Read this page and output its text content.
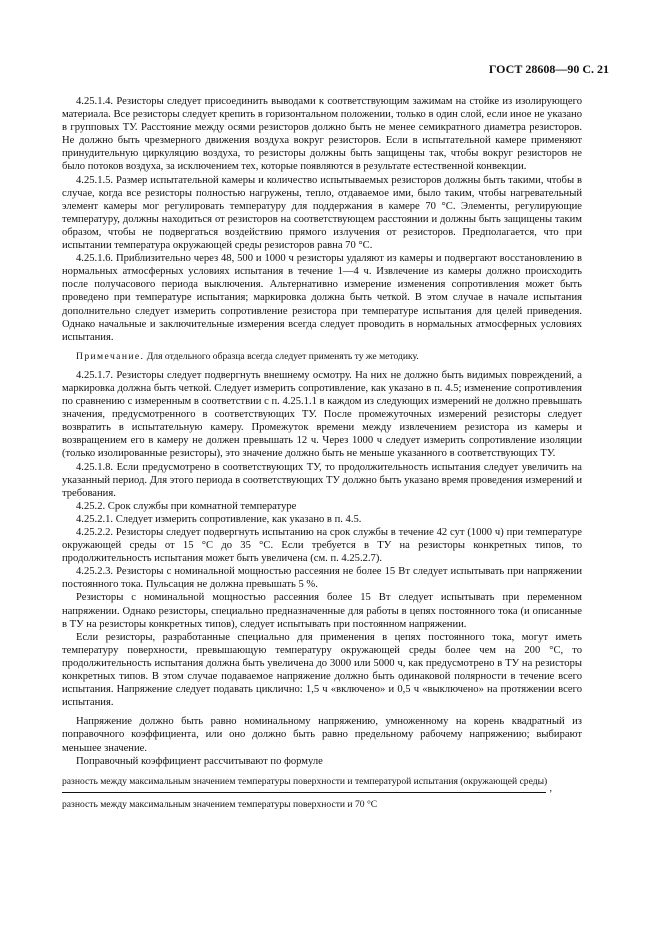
ГОСТ 28608—90 С. 21

4.25.1.4. Резисторы следует присоединить выводами к соответствующим зажимам на стойке из изолирующего материала. Все резисторы следует крепить в горизонтальном положении, только в один слой, если иное не указано в групповых ТУ. Расстояние между осями резисторов должно быть не менее семикратного диаметра резисторов. Не должно быть чрезмерного движения воздуха вокруг резисторов. Если в испытательной камере применяют принудительную циркуляцию воздуха, то резисторы должны быть защищены так, чтобы вокруг резисторов не было потоков воздуха, за исключением тех, которые появляются в результате естественной конвекции.

4.25.1.5. Размер испытательной камеры и количество испытываемых резисторов должны быть такими, чтобы в случае, когда все резисторы полностью нагружены, тепло, отдаваемое ими, было таким, чтобы нагревательный элемент камеры мог регулировать температуру для поддержания в камере 70 °С. Элементы, регулирующие температуру, должны находиться от резисторов на соответствующем расстоянии и должны быть защищены таким образом, чтобы не подвергаться воздействию прямого излучения от резисторов. Предполагается, что при испытании температура окружающей среды резисторов равна 70 °С.

4.25.1.6. Приблизительно через 48, 500 и 1000 ч резисторы удаляют из камеры и подвергают восстановлению в нормальных атмосферных условиях испытания в течение 1—4 ч. Извлечение из камеры должно происходить после получасового периода выключения. Альтернативно измерение изменения сопротивления может быть проведено при температуре испытания; маркировка должна быть четкой. В этом случае в начале испытания дополнительно следует измерить сопротивление резистора при температуре испытания для целей приведения. Однако начальные и заключительные измерения всегда следует проводить в нормальных атмосферных условиях испытания.

Примечание. Для отдельного образца всегда следует применять ту же методику.

4.25.1.7. Резисторы следует подвергнуть внешнему осмотру. На них не должно быть видимых повреждений, а маркировка должна быть четкой. Следует измерить сопротивление, как указано в п. 4.5; изменение сопротивления по сравнению с измеренным в соответствии с п. 4.25.1.1 в каждом из следующих измерений не должно превышать значения, предусмотренного в соответствующих ТУ. После промежуточных измерений резисторы следует возвратить в испытательную камеру. Промежуток времени между извлечением резистора из камеры и возвращением его в камеру не должен превышать 12 ч. Через 1000 ч следует измерить сопротивление изоляции (только изолированные резисторы), это значение должно быть не меньше указанного в соответствующих ТУ.

4.25.1.8. Если предусмотрено в соответствующих ТУ, то продолжительность испытания следует увеличить на указанный период. Для этого периода в соответствующих ТУ должно быть указано время проведения измерений и требования.

4.25.2. Срок службы при комнатной температуре

4.25.2.1. Следует измерить сопротивление, как указано в п. 4.5.

4.25.2.2. Резисторы следует подвергнуть испытанию на срок службы в течение 42 сут (1000 ч) при температуре окружающей среды от 15 °С до 35 °С. Если требуется в ТУ на резисторы конкретных типов, то продолжительность испытания может быть увеличена (см. п. 4.25.2.7).

4.25.2.3. Резисторы с номинальной мощностью рассеяния не более 15 Вт следует испытывать при напряжении постоянного тока. Пульсация не должна превышать 5 %.

Резисторы с номинальной мощностью рассеяния более 15 Вт следует испытывать при переменном напряжении. Однако резисторы, специально предназначенные для работы в цепях постоянного тока (и описанные в ТУ на резисторы конкретных типов), следует испытывать при постоянном напряжении.

Если резисторы, разработанные специально для применения в цепях постоянного тока, могут иметь температуру поверхности, превышающую температуру окружающей среды более чем на 200 °С, то продолжительность испытания должна быть увеличена до 3000 или 5000 ч, как предусмотрено в ТУ на резисторы конкретных типов. В этом случае подаваемое напряжение должно быть одинаковой полярности в течение всего испытания. Напряжение следует подавать циклично: 1,5 ч «включено» и 0,5 ч «выключено» на протяжении всего испытания.

Напряжение должно быть равно номинальному напряжению, умноженному на корень квадратный из поправочного коэффициента, или оно должно быть равно предельному рабочему напряжению; выбирают меньшее значение.

Поправочный коэффициент рассчитывают по формуле

разность между максимальным значением температуры поверхности и температурой испытания (окружающей среды)
,
разность между максимальным значением температуры поверхности и 70 °С
